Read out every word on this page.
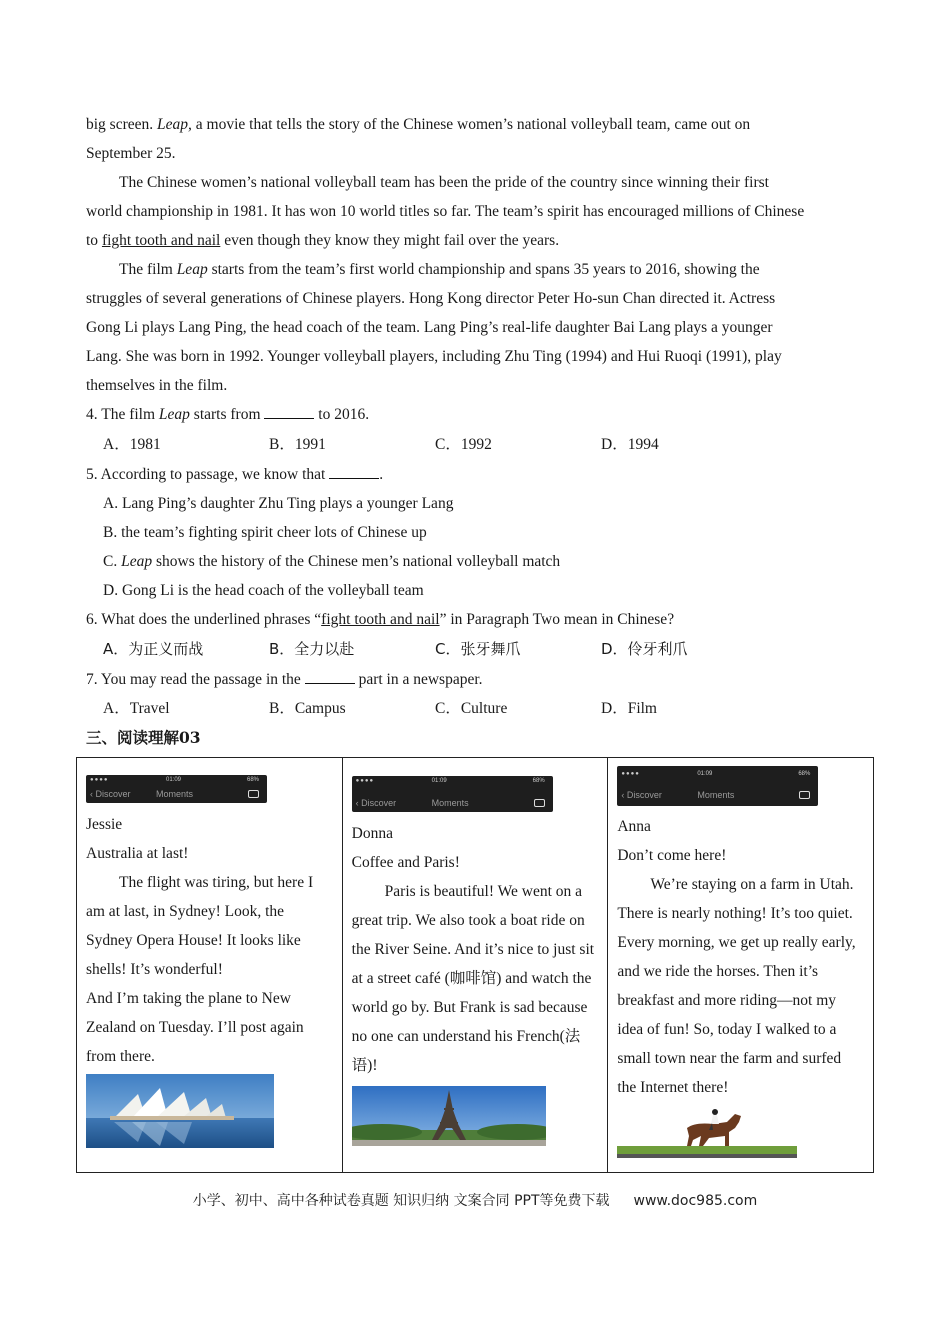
big screen. Leap, a movie that tells the story of the Chinese women’s national volleyball team, came out on

September 25.

The Chinese women’s national volleyball team has been the pride of the country since winning their first

world championship in 1981. It has won 10 world titles so far. The team’s spirit has encouraged millions of Chinese

to fight tooth and nail even though they know they might fail over the years.

The film Leap starts from the team’s first world championship and spans 35 years to 2016, showing the

struggles of several generations of Chinese players. Hong Kong director Peter Ho-sun Chan directed it. Actress

Gong Li plays Lang Ping, the head coach of the team. Lang Ping’s real-life daughter Bai Lang plays a younger

Lang. She was born in 1992. Younger volleyball players, including Zhu Ting (1994) and Hui Ruoqi (1991), play

themselves in the film.

4. The film Leap starts from	to 2016.

A．1981	B．1991	C．1992	D．1994

5. According to passage, we know that	.

A. Lang Ping’s daughter Zhu Ting plays a younger Lang

B. the team’s fighting spirit cheer lots of Chinese up

C. Leap shows the history of the Chinese men’s national volleyball match

D. Gong Li is the head coach of the volleyball team

6. What does the underlined phrases “fight tooth and nail” in Paragraph Two mean in Chinese?

A．为正义而战	B．全力以赴	C．张牙舞爪	D．伶牙利爪

7. You may read the passage in the	part in a newspaper.

A．Travel	B．Campus	C．Culture	D．Film
三、阅读理解03
●●●●	01:09	68%
‹ Discover	Moments

Jessie

Australia at last!

The flight was tiring, but here I am at last, in Sydney! Look, the Sydney Opera House! It looks like shells! It’s wonderful!

And I’m taking the plane to New Zealand on Tuesday. I’ll post again from there.

●●●●	01:09	68%
‹ Discover	Moments

Donna

Coffee and Paris!

Paris is beautiful! We went on a great trip. We also took a boat ride on the River Seine. And it’s nice to just sit at a street café (咖啡馆) and watch the world go by. But Frank is sad because no one can understand his French(法语)!

●●●●	01:09	68%
‹ Discover	Moments

Anna

Don’t come here!

We’re staying on a farm in Utah. There is nearly nothing! It’s too quiet. Every morning, we get up really early, and we ride the horses. Then it’s breakfast and more riding—not my idea of fun! So, today I walked to a small town near the farm and surfed the Internet there!

小学、初中、高中各种试卷真题 知识归纳 文案合同 PPT等免费下载 www.doc985.com
